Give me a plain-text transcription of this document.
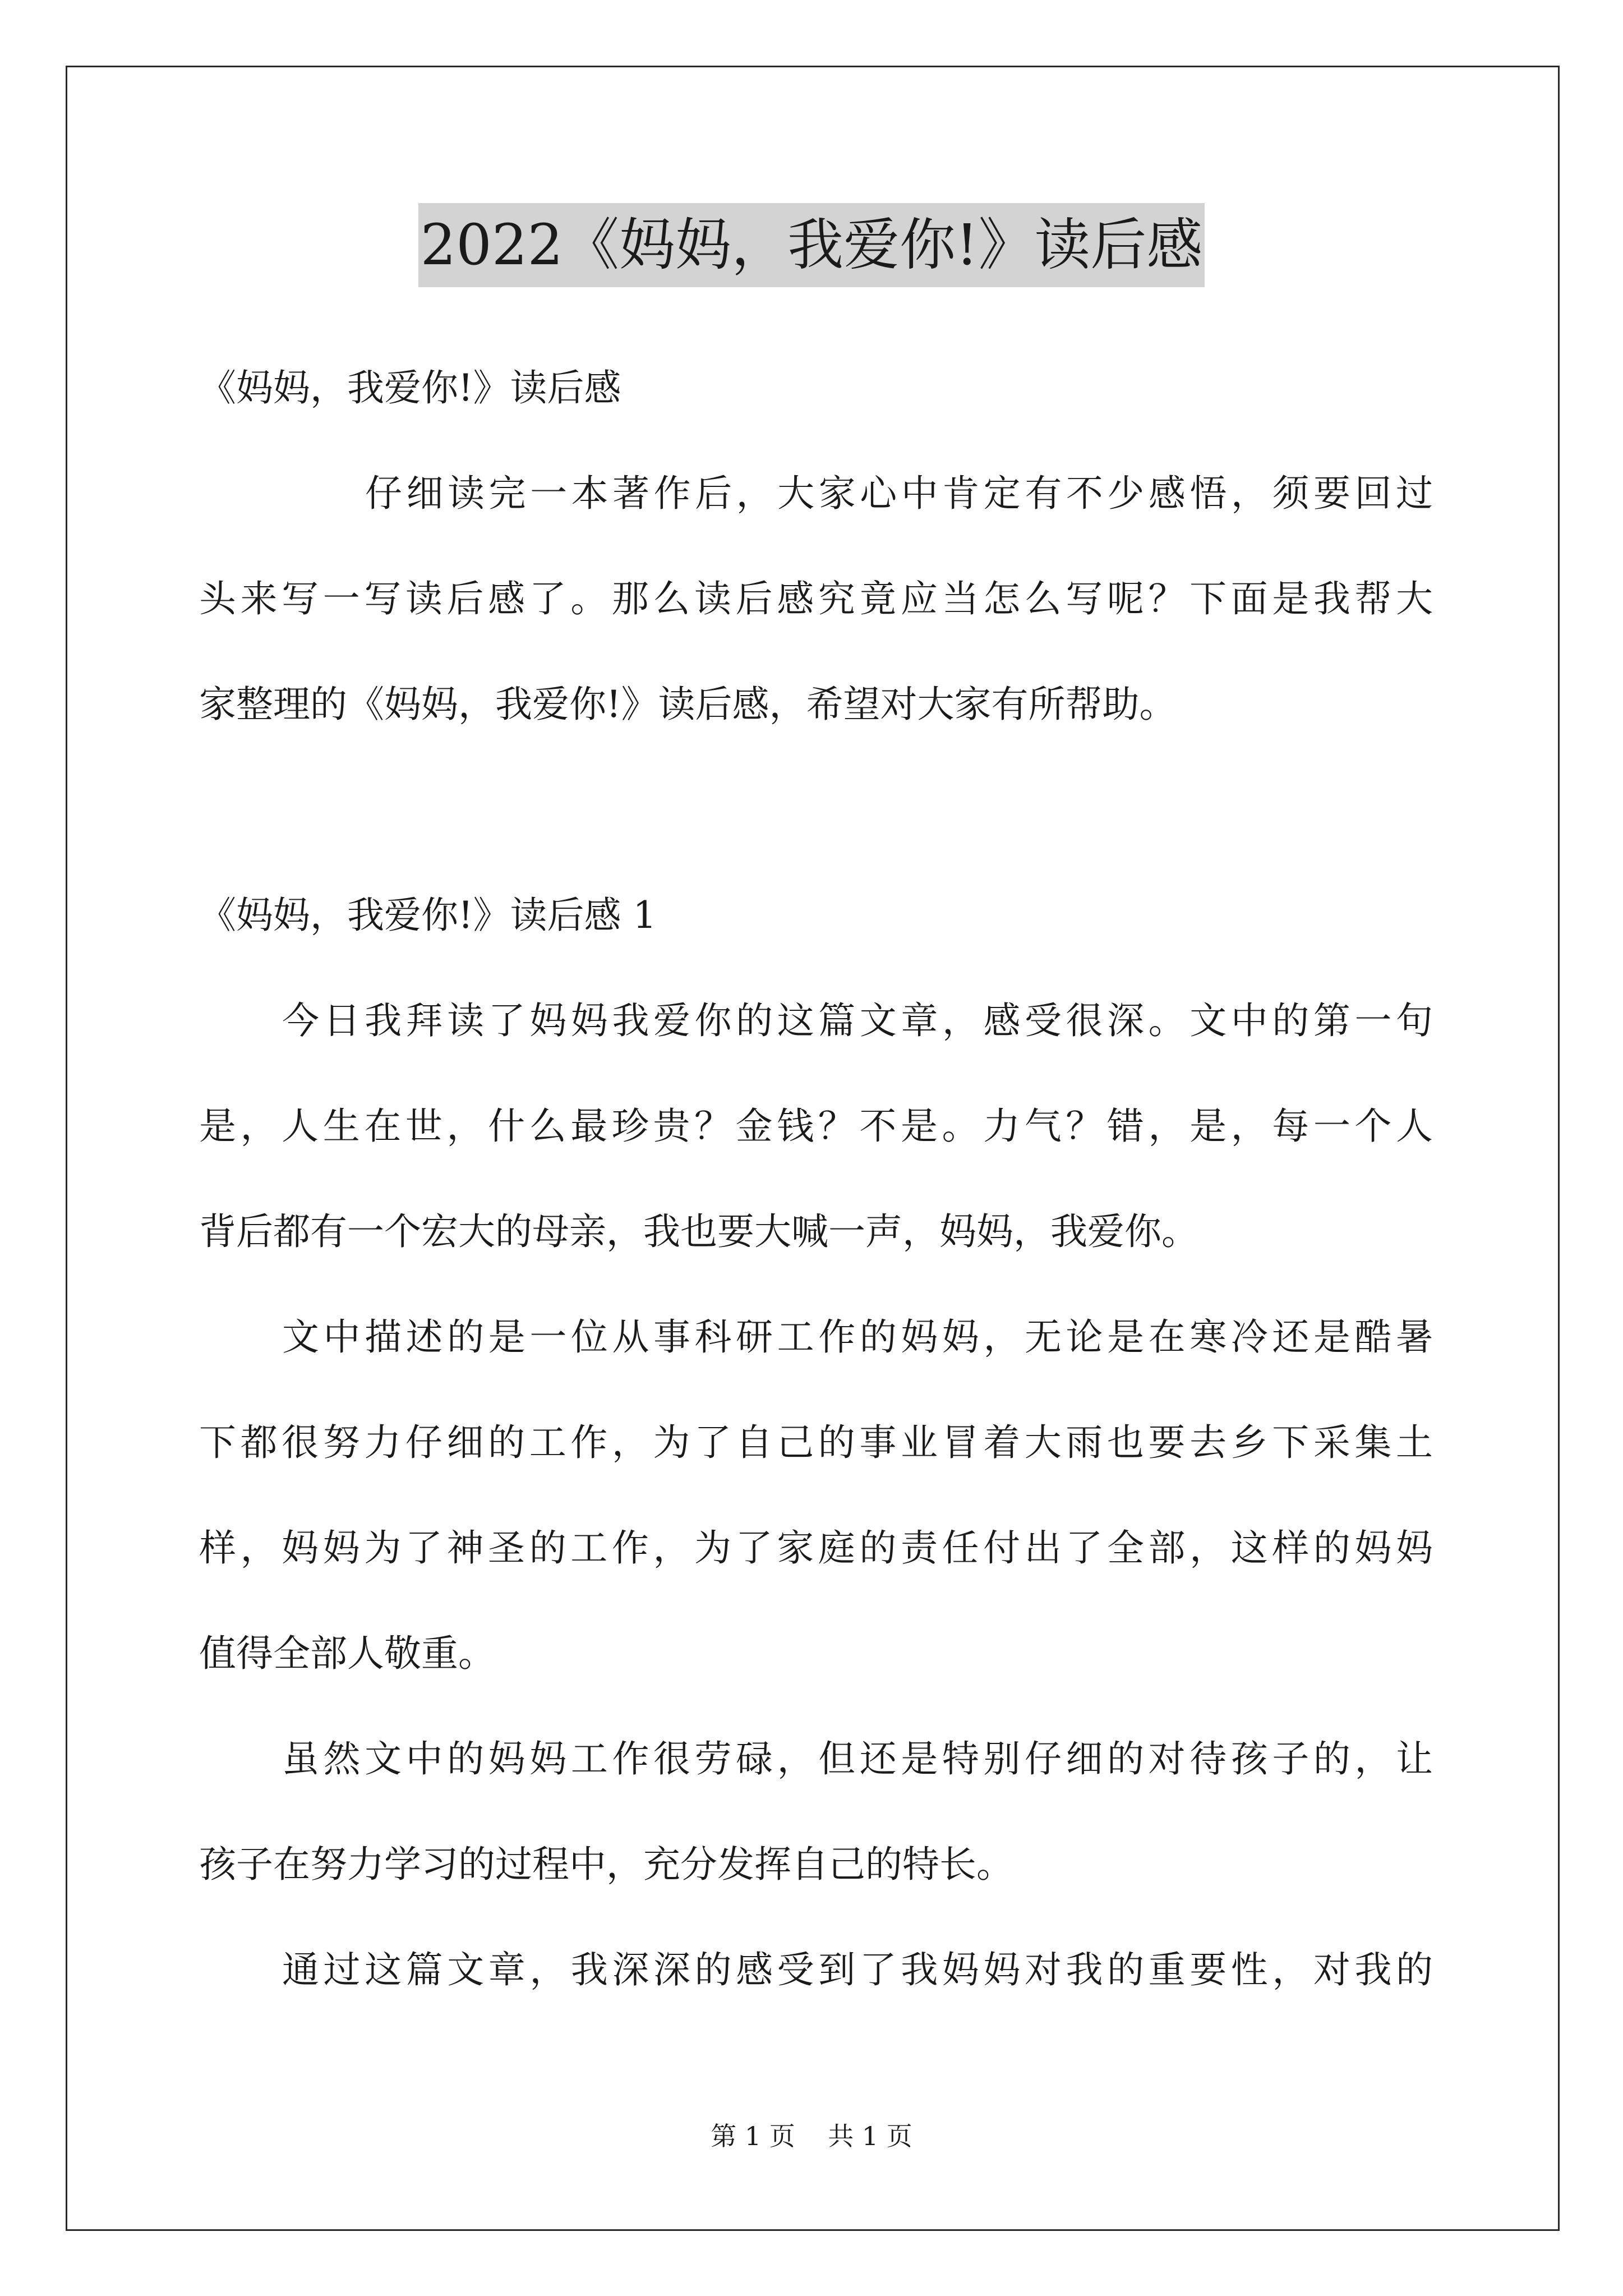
2022《妈妈，我爱你!》读后感
《妈妈，我爱你!》读后感
仔细读完一本著作后，大家心中肯定有不少感悟，须要回过
头来写一写读后感了。那么读后感究竟应当怎么写呢？下面是我帮大
家整理的《妈妈，我爱你!》读后感，希望对大家有所帮助。
《妈妈，我爱你!》读后感 1
今日我拜读了妈妈我爱你的这篇文章，感受很深。文中的第一句
是，人生在世，什么最珍贵？金钱？不是。力气？错，是，每一个人
背后都有一个宏大的母亲，我也要大喊一声，妈妈，我爱你。
文中描述的是一位从事科研工作的妈妈，无论是在寒冷还是酷暑
下都很努力仔细的工作，为了自己的事业冒着大雨也要去乡下采集土
样，妈妈为了神圣的工作，为了家庭的责任付出了全部，这样的妈妈
值得全部人敬重。
虽然文中的妈妈工作很劳碌，但还是特别仔细的对待孩子的，让
孩子在努力学习的过程中，充分发挥自己的特长。
通过这篇文章，我深深的感受到了我妈妈对我的重要性，对我的
第 1 页    共 1 页
